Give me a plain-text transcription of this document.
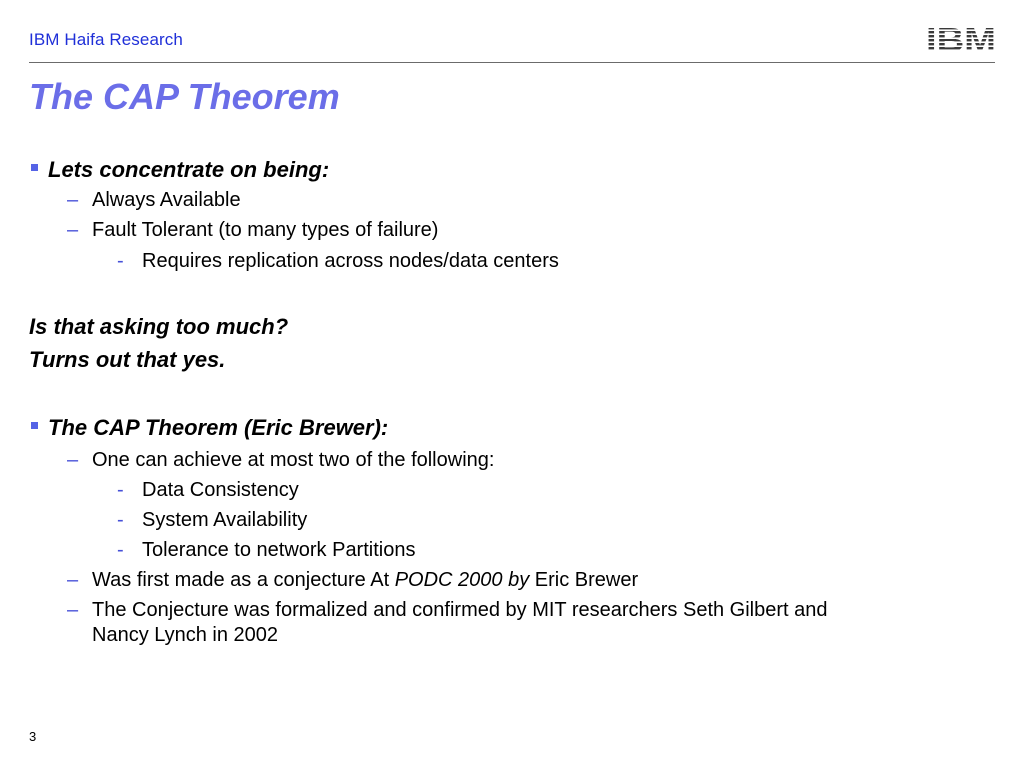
IBM Haifa Research
The CAP Theorem
Lets concentrate on being:
– Always Available
– Fault Tolerant (to many types of failure)
- Requires replication across nodes/data centers
Is that asking too much?
Turns out that yes.
The CAP Theorem (Eric Brewer):
– One can achieve at most two of the following:
- Data Consistency
- System Availability
- Tolerance to network Partitions
– Was first made as a conjecture At PODC 2000 by Eric Brewer
– The Conjecture was formalized and confirmed by MIT researchers Seth Gilbert and
Nancy Lynch in 2002
3
